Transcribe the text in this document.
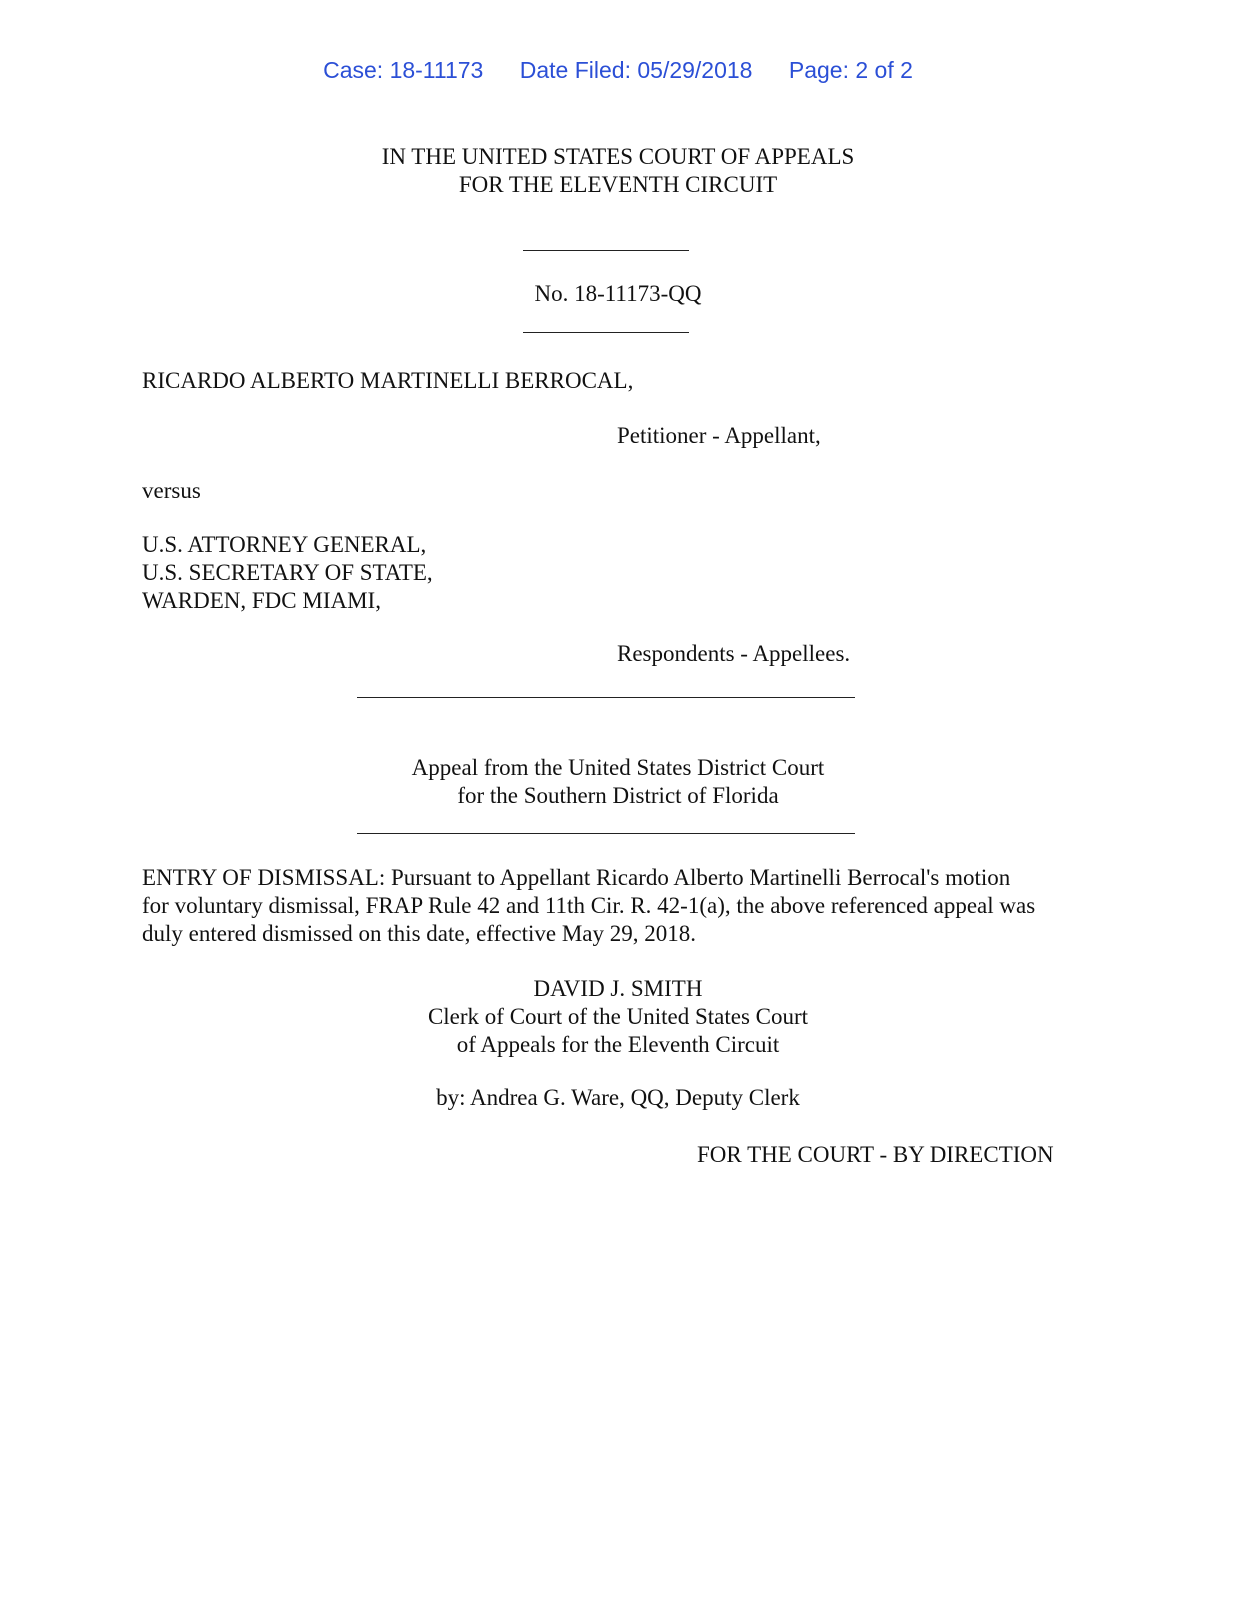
Case: 18-11173 Date Filed: 05/29/2018 Page: 2 of 2
IN THE UNITED STATES COURT OF APPEALS
FOR THE ELEVENTH CIRCUIT
No. 18-11173-QQ
RICARDO ALBERTO MARTINELLI BERROCAL,
Petitioner - Appellant,
versus
U.S. ATTORNEY GENERAL,
U.S. SECRETARY OF STATE,
WARDEN, FDC MIAMI,
Respondents - Appellees.
Appeal from the United States District Court
for the Southern District of Florida
ENTRY OF DISMISSAL: Pursuant to Appellant Ricardo Alberto Martinelli Berrocal's motion
for voluntary dismissal, FRAP Rule 42 and 11th Cir. R. 42-1(a), the above referenced appeal was
duly entered dismissed on this date, effective May 29, 2018.
DAVID J. SMITH
Clerk of Court of the United States Court
of Appeals for the Eleventh Circuit
by: Andrea G. Ware, QQ, Deputy Clerk
FOR THE COURT - BY DIRECTION
